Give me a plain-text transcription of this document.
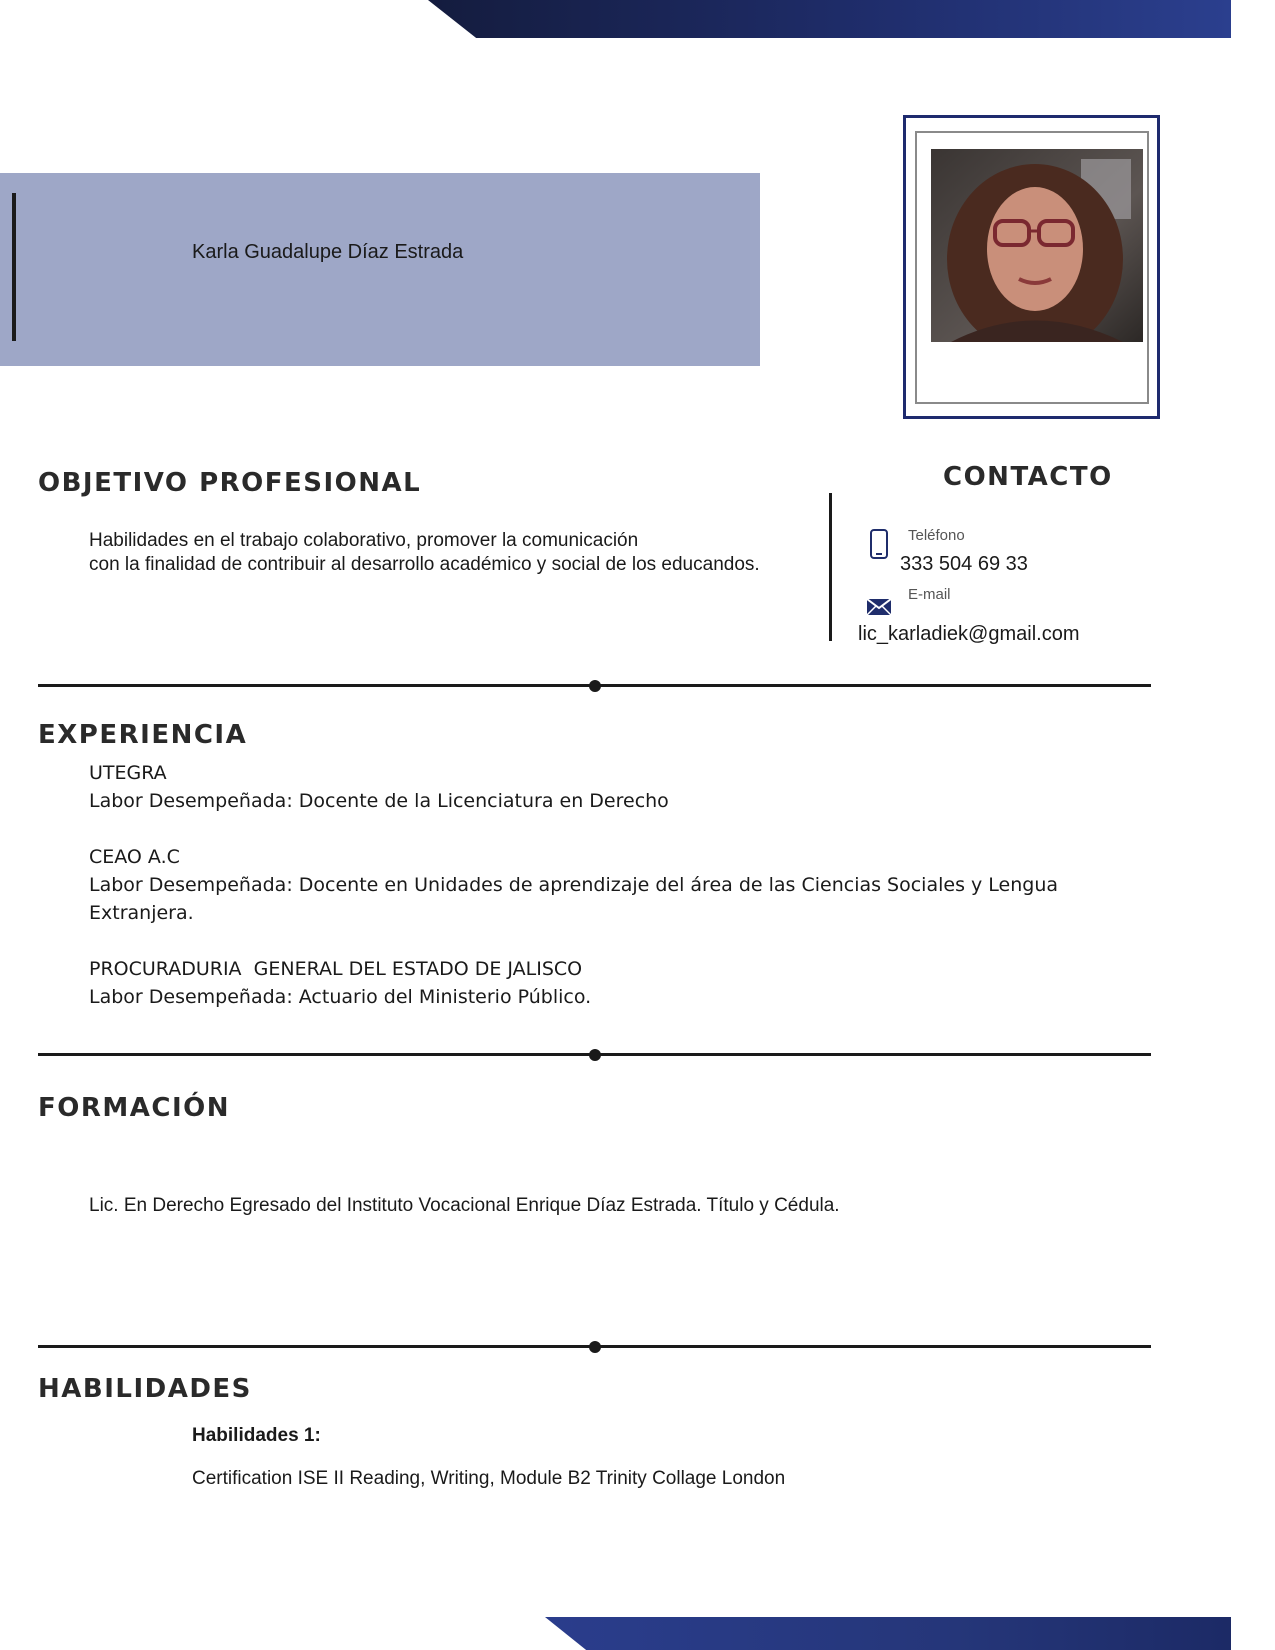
Karla Guadalupe Díaz Estrada
OBJETIVO PROFESIONAL
Habilidades en el trabajo colaborativo, promover la comunicación
con la finalidad de contribuir al desarrollo académico y social de los educandos.
CONTACTO
Teléfono
333 504 69 33
E-mail
lic_karladiek@gmail.com
EXPERIENCIA
UTEGRA
Labor Desempeñada: Docente de la Licenciatura en Derecho
CEAO A.C
Labor Desempeñada: Docente en Unidades de aprendizaje del área de las Ciencias Sociales y Lengua Extranjera.
PROCURADURIA  GENERAL DEL ESTADO DE JALISCO
Labor Desempeñada: Actuario del Ministerio Público.
FORMACIÓN
Lic. En Derecho Egresado del Instituto Vocacional Enrique Díaz Estrada. Título y Cédula.
HABILIDADES
Habilidades 1:
Certification ISE II Reading, Writing, Module B2 Trinity Collage London
